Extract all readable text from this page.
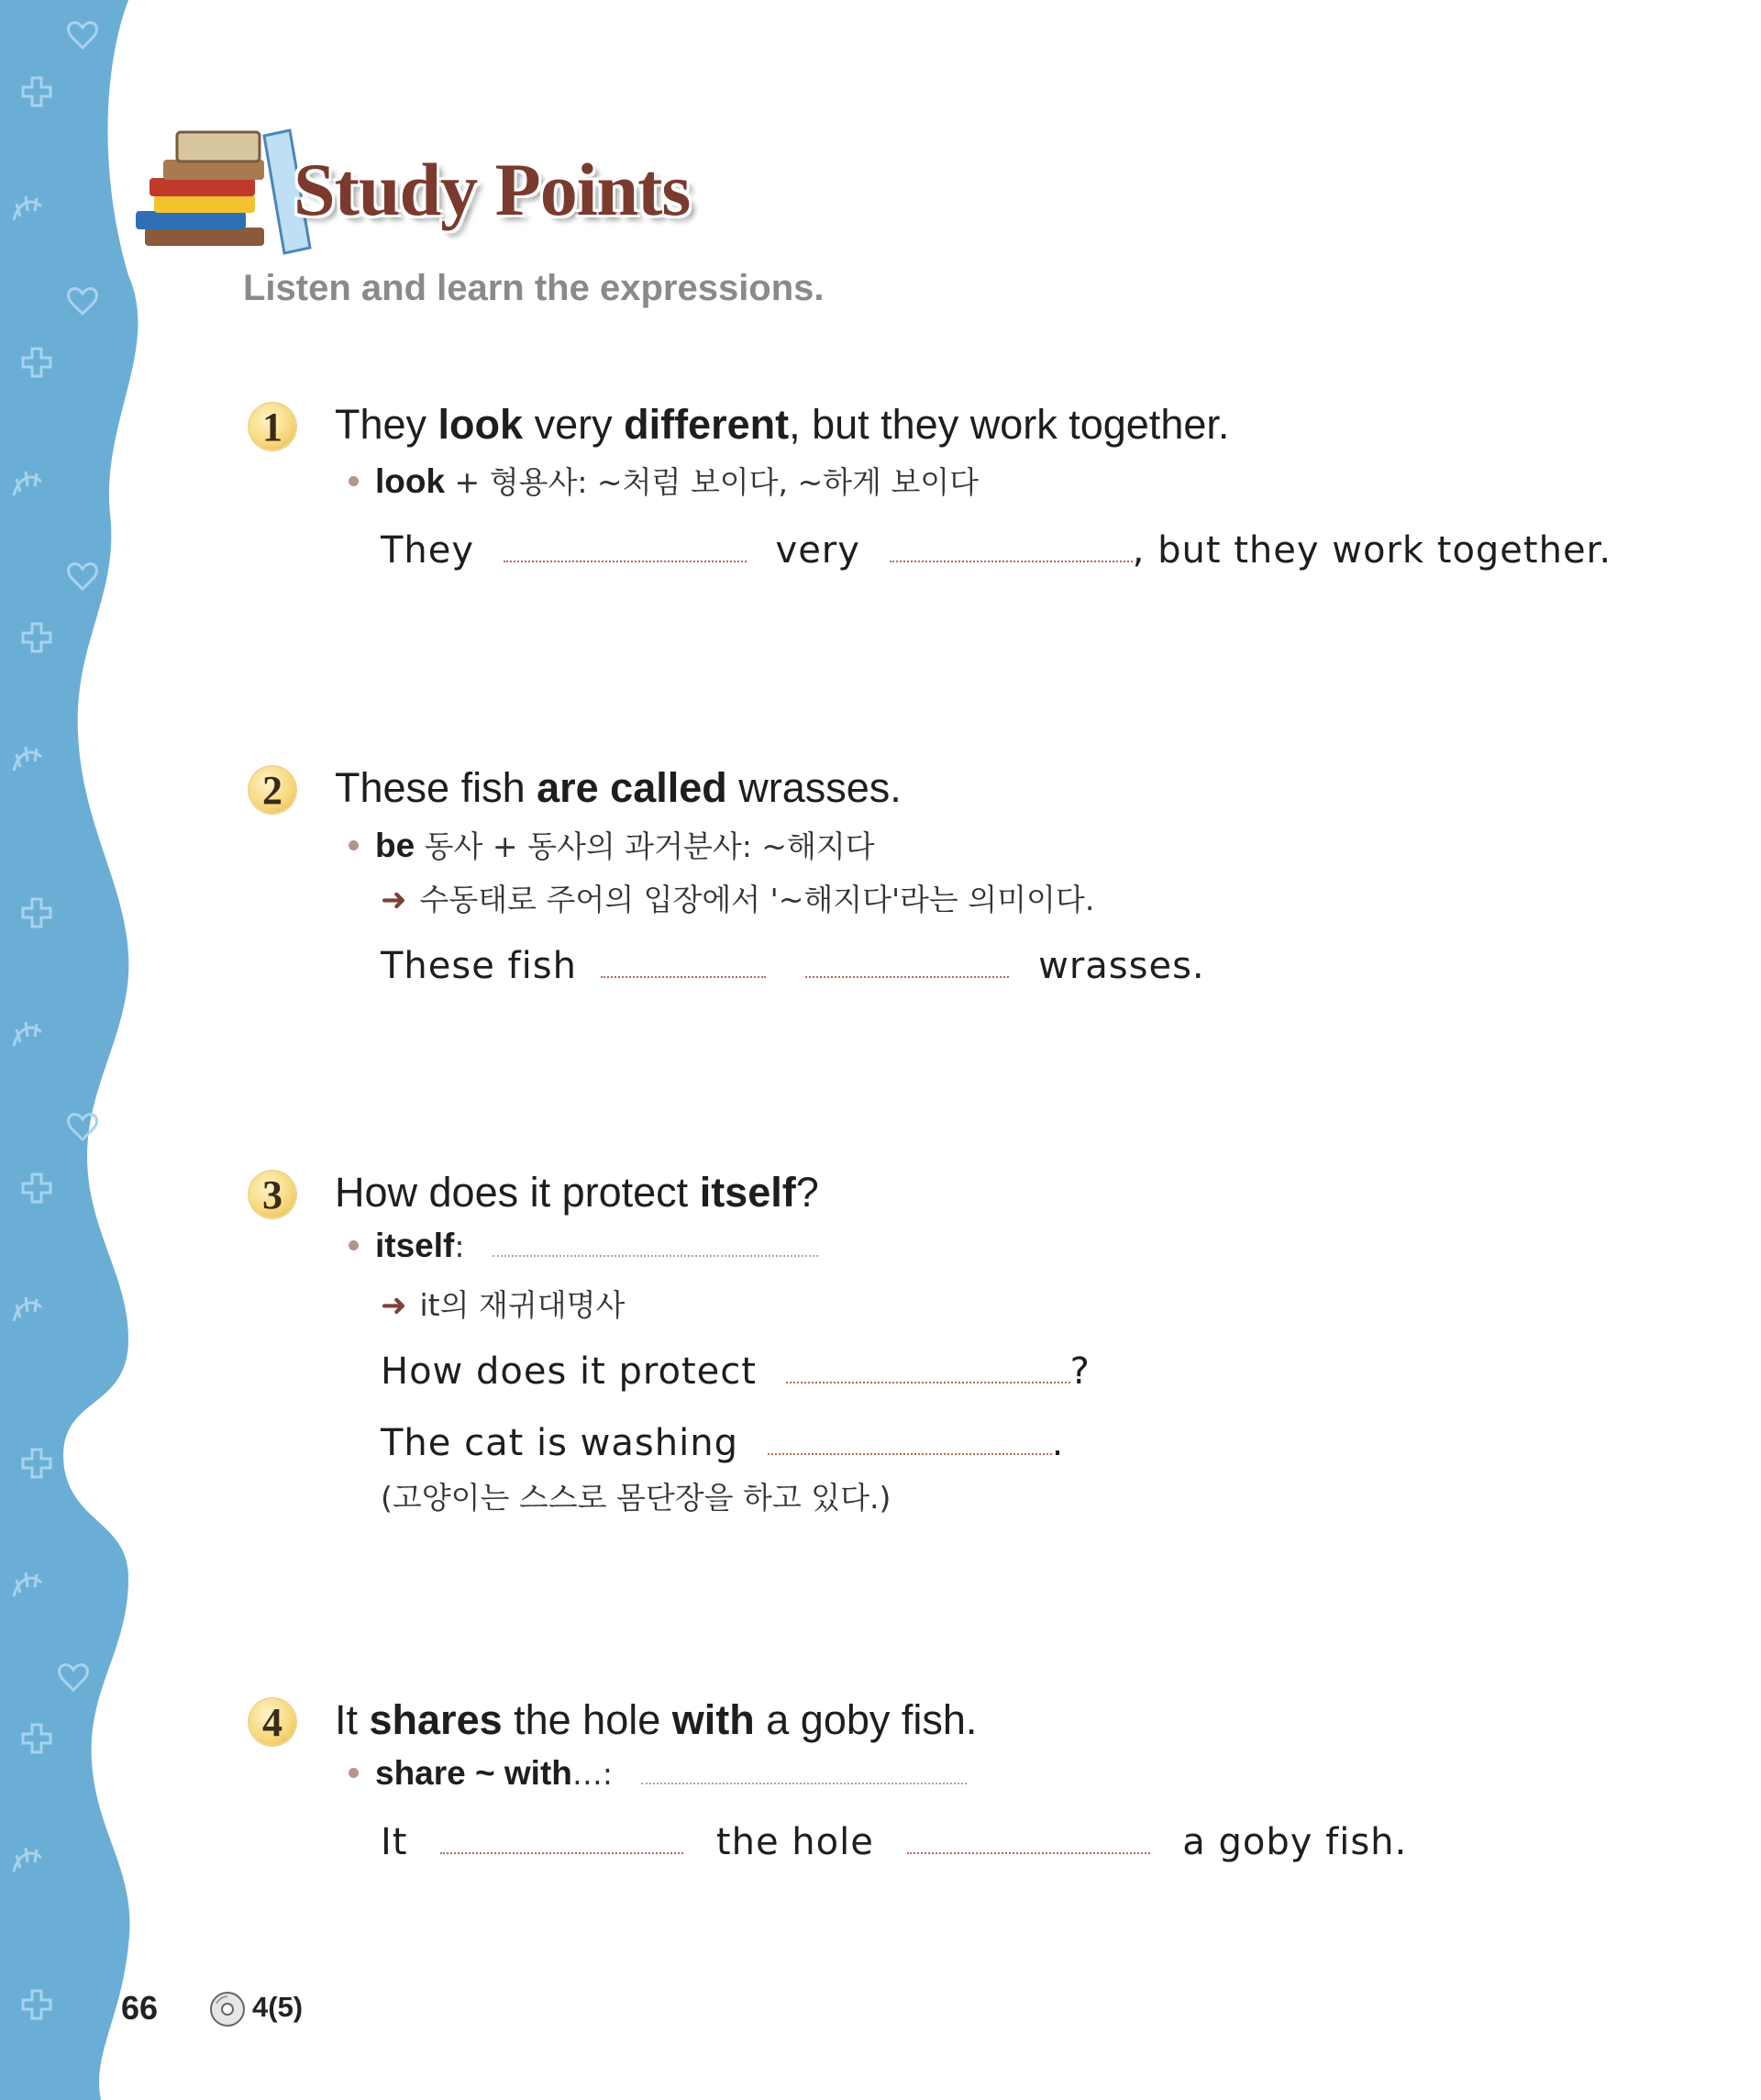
Study Points
Listen and learn the expressions.
1	They look very different, but they work together.
look + 형용사: ~처럼 보이다, ~하게 보이다
They	very	, but they work together.
2	These fish are called wrasses.
be 동사 + 동사의 과거분사: ~해지다
➜ 수동태로 주어의 입장에서 '~해지다'라는 의미이다.
These fish	wrasses.
3	How does it protect itself?
itself:
➜ it의 재귀대명사
How does it protect	?
The cat is washing	.
(고양이는 스스로 몸단장을 하고 있다.)
4	It shares the hole with a goby fish.
share ~ with…:
It	the hole	a goby fish.
66	4(5)
